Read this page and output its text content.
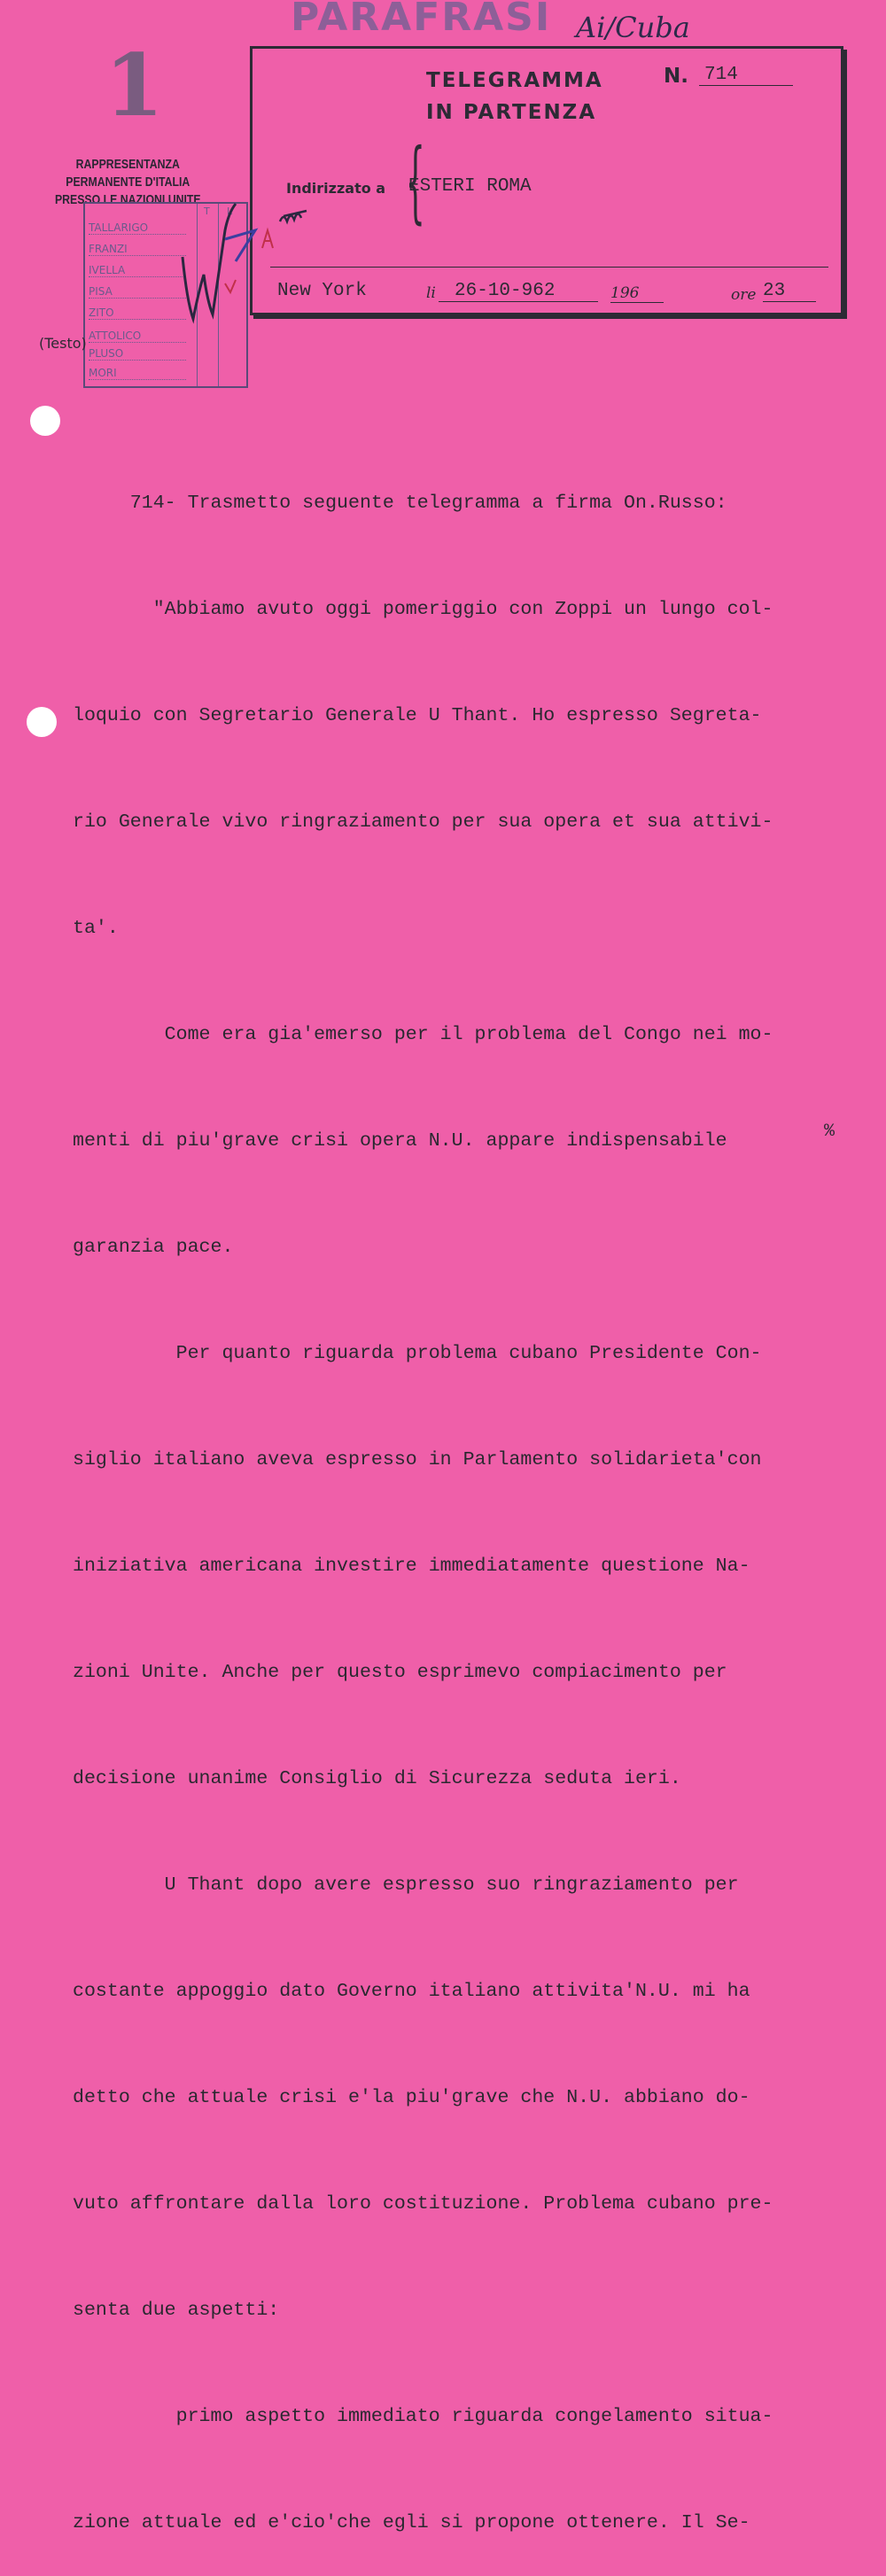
PARAFRASI Ai/Cuba
1
RAPPRESENTANZA PERMANENTE D'ITALIA
PRESSO LE NAZIONI UNITE
TELEGRAMMA
IN PARTENZA
N. 714
Indirizzato a {
ESTERI ROMA
New York	li	26-10-962	196	ore 23
T L
TALLARIGO
FRANZI
IVELLA
PISA
ZITO
ATTOLICO
PLUSO
MORI
(Testo)

714- Trasmetto seguente telegramma a firma On.Russo:

"Abbiamo avuto oggi pomeriggio con Zoppi un lungo col-

loquio con Segretario Generale U Thant. Ho espresso Segreta-

rio Generale vivo ringraziamento per sua opera et sua attivi-

ta'.

Come era gia'emerso per il problema del Congo nei mo-

menti di piu'grave crisi opera N.U. appare indispensabile

garanzia pace.

Per quanto riguarda problema cubano Presidente Con-

siglio italiano aveva espresso in Parlamento solidarieta'con

iniziativa americana investire immediatamente questione Na-

zioni Unite. Anche per questo esprimevo compiacimento per

decisione unanime Consiglio di Sicurezza seduta ieri.

U Thant dopo avere espresso suo ringraziamento per

costante appoggio dato Governo italiano attivita'N.U. mi ha

detto che attuale crisi e'la piu'grave che N.U. abbiano do-

vuto affrontare dalla loro costituzione. Problema cubano pre-

senta due aspetti:

primo aspetto immediato riguarda congelamento situa-

zione attuale ed e'cio'che egli si propone ottenere. Il Se-

%
